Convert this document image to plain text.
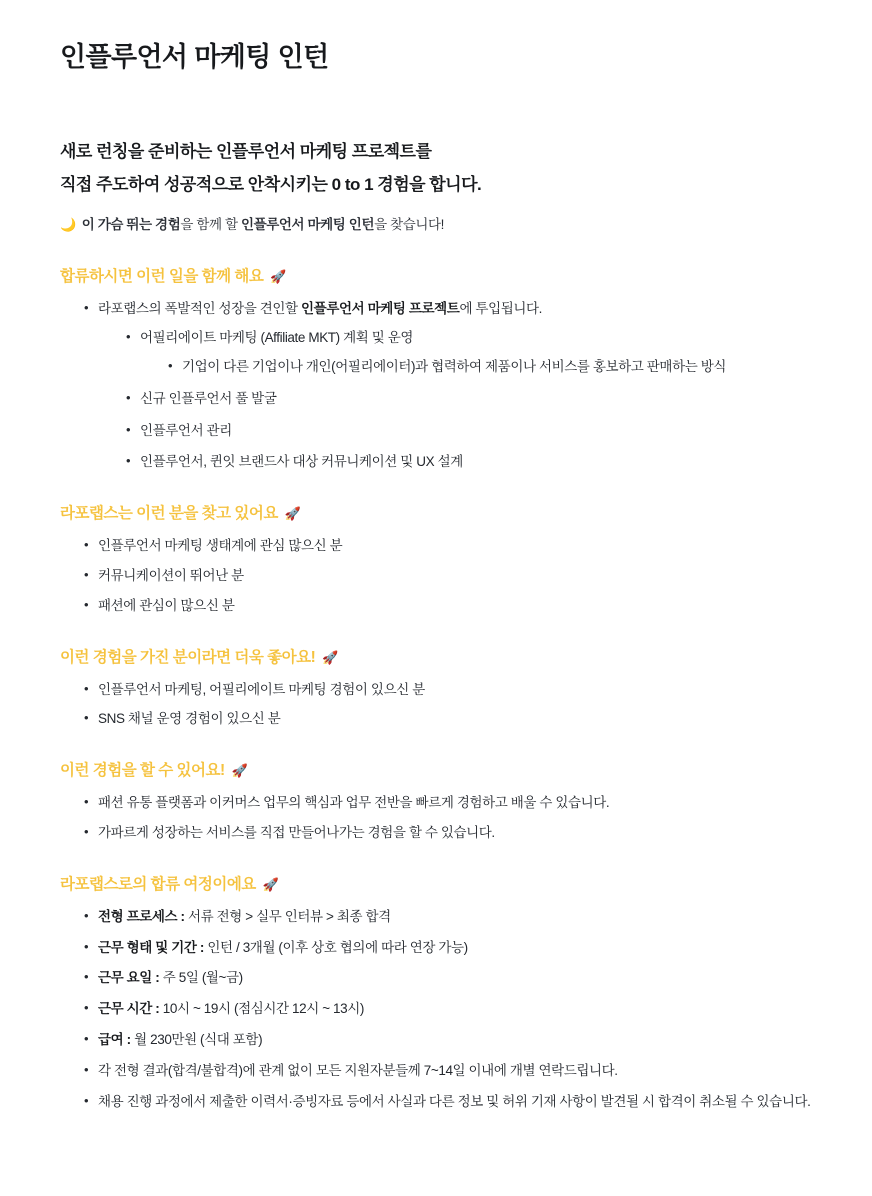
인플루언서 마케팅 인턴
새로 런칭을 준비하는 인플루언서 마케팅 프로젝트를
직접 주도하여 성공적으로 안착시키는 0 to 1 경험을 합니다.
🌙 이 가슴 뛰는 경험을 함께 할 인플루언서 마케팅 인턴을 찾습니다!
합류하시면 이런 일을 함께 해요 🚀
• 라포랩스의 폭발적인 성장을 견인할 인플루언서 마케팅 프로젝트에 투입됩니다.
• 어필리에이트 마케팅 (Affiliate MKT) 계획 및 운영
• 기업이 다른 기업이나 개인(어필리에이터)과 협력하여 제품이나 서비스를 홍보하고 판매하는 방식
• 신규 인플루언서 풀 발굴
• 인플루언서 관리
• 인플루언서, 퀸잇 브랜드사 대상 커뮤니케이션 및 UX 설계
라포랩스는 이런 분을 찾고 있어요 🚀
• 인플루언서 마케팅 생태계에 관심 많으신 분
• 커뮤니케이션이 뛰어난 분
• 패션에 관심이 많으신 분
이런 경험을 가진 분이라면 더욱 좋아요! 🚀
• 인플루언서 마케팅, 어필리에이트 마케팅 경험이 있으신 분
• SNS 채널 운영 경험이 있으신 분
이런 경험을 할 수 있어요! 🚀
• 패션 유통 플랫폼과 이커머스 업무의 핵심과 업무 전반을 빠르게 경험하고 배울 수 있습니다.
• 가파르게 성장하는 서비스를 직접 만들어나가는 경험을 할 수 있습니다.
라포랩스로의 합류 여정이에요 🚀
• 전형 프로세스 : 서류 전형 > 실무 인터뷰 > 최종 합격
• 근무 형태 및 기간 : 인턴 / 3개월 (이후 상호 협의에 따라 연장 가능)
• 근무 요일 : 주 5일 (월~금)
• 근무 시간 : 10시 ~ 19시 (점심시간 12시 ~ 13시)
• 급여 : 월 230만원 (식대 포함)
• 각 전형 결과(합격/불합격)에 관계 없이 모든 지원자분들께 7~14일 이내에 개별 연락드립니다.
• 채용 진행 과정에서 제출한 이력서·증빙자료 등에서 사실과 다른 정보 및 허위 기재 사항이 발견될 시 합격이 취소될 수 있습니다.
